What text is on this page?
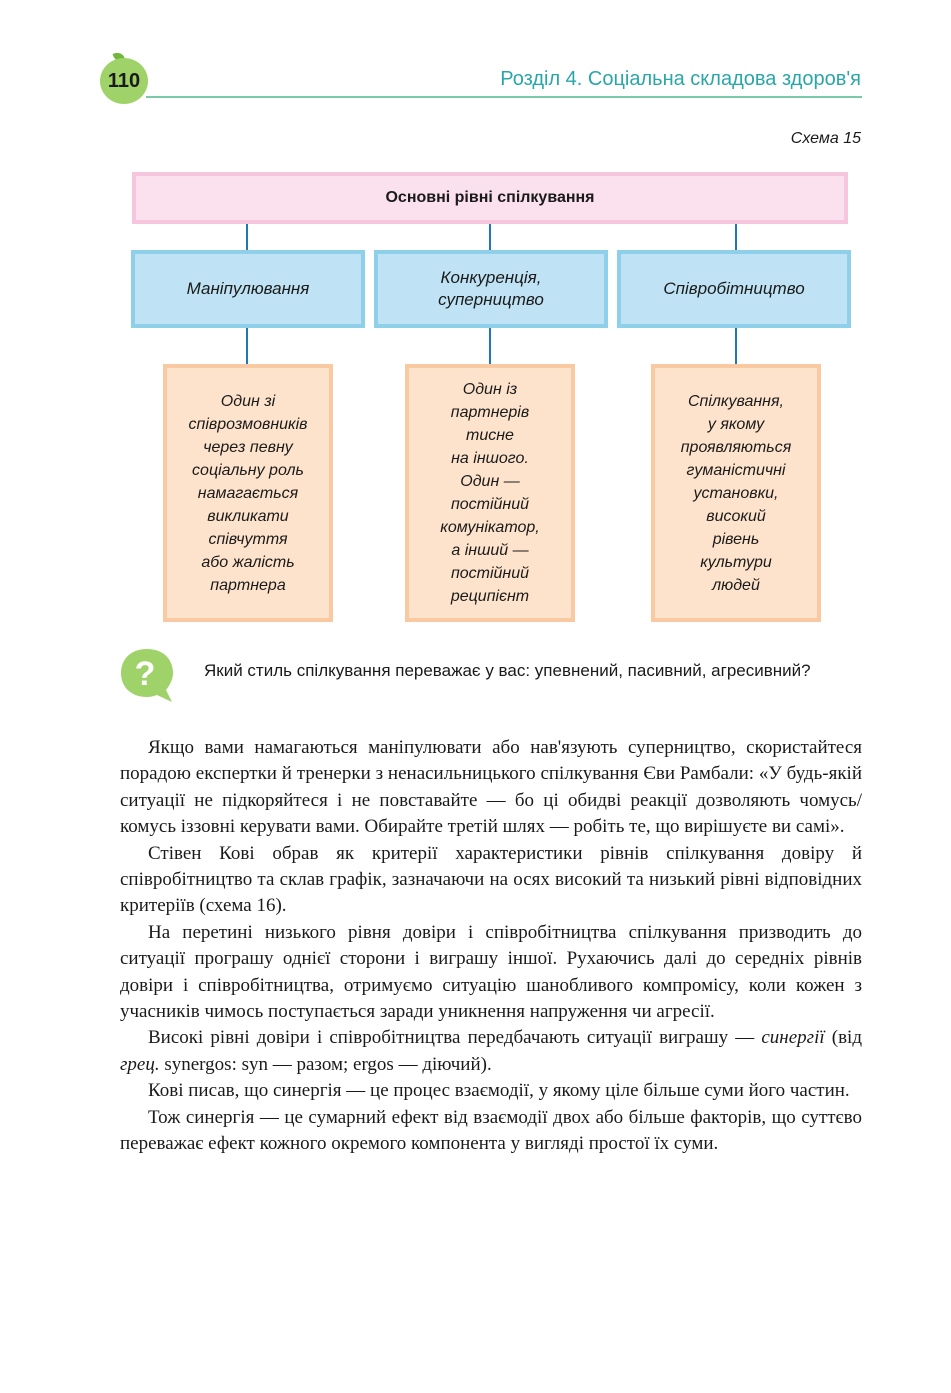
110	Розділ 4. Соціальна складова здоров'я
Схема 15
Основні рівні спілкування
Маніпулювання
Конкуренція,
суперництво
Співробітництво
Один зі
співрозмовників
через певну
соціальну роль
намагається
викликати
співчуття
або жалість
партнера
Один із
партнерів
тисне
на іншого.
Один —
постійний
комунікатор,
а інший —
постійний
реципієнт
Спілкування,
у якому
проявляються
гуманістичні
установки,
високий
рівень
культури
людей
?	Який стиль спілкування переважає у вас: упевнений, пасивний, агресивний?

Якщо вами намагаються маніпулювати або нав'язують суперництво, скористайтеся порадою експертки й тренерки з ненасильницького спілкування Єви Рамбали: «У будь-якій ситуації не підкоряйтеся і не повставайте — бо ці обидві реакції дозволяють чомусь/комусь іззовні керувати вами. Обирайте третій шлях — робіть те, що вирішуєте ви самі».

Стівен Кові обрав як критерії характеристики рівнів спілкування довіру й співробітництво та склав графік, зазначаючи на осях високий та низький рівні відповідних критеріїв (схема 16).

На перетині низького рівня довіри і співробітництва спілкування призводить до ситуації програшу однієї сторони і виграшу іншої. Рухаючись далі до середніх рівнів довіри і співробітництва, отримуємо ситуацію шанобливого компромісу, коли кожен з учасників чимось поступається заради уникнення напруження чи агресії.

Високі рівні довіри і співробітництва передбачають ситуації виграшу — синергії (від грец. synergos: syn — разом; ergos — діючий).

Кові писав, що синергія — це процес взаємодії, у якому ціле більше суми його частин.

Тож синергія — це сумарний ефект від взаємодії двох або більше факторів, що суттєво переважає ефект кожного окремого компонента у вигляді простої їх суми.
